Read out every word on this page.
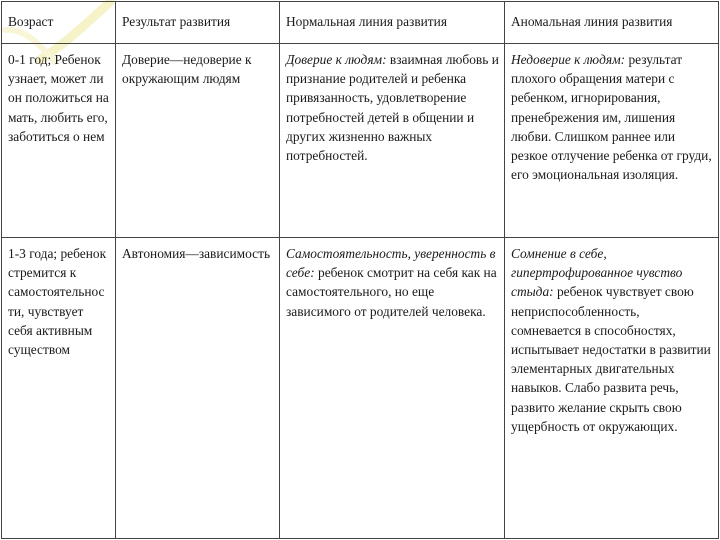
Возраст	Результат развития	Нормальная линия развития	Аномальная линия развития
0-1 год; Ребенок узнает, может ли он положиться на мать, любить его, заботиться о нем	Доверие—недоверие к окружающим людям	Доверие к людям: взаимная любовь и признание родителей и ребенка привязанность, удовлетворение потребностей детей в общении и других жизненно важных потребностей.	Недоверие к людям: результат плохого обращения матери с ребенком, игнорирования, пренебрежения им, лишения любви. Слишком раннее или резкое отлучение ребенка от груди, его эмоциональная изоляция.
1-3 года; ребенок стремится к самостоятельности, чувствует себя активным существом	Автономия—зависимость	Самостоятельность, уверенность в себе: ребенок смотрит на себя как на самостоятельного, но еще зависимого от родителей человека.	Сомнение в себе, гипертрофированное чувство стыда: ребенок чувствует свою неприспособленность, сомневается в способностях, испытывает недостатки в развитии элементарных двигательных навыков. Слабо развита речь, развито желание скрыть свою ущербность от окружающих.
